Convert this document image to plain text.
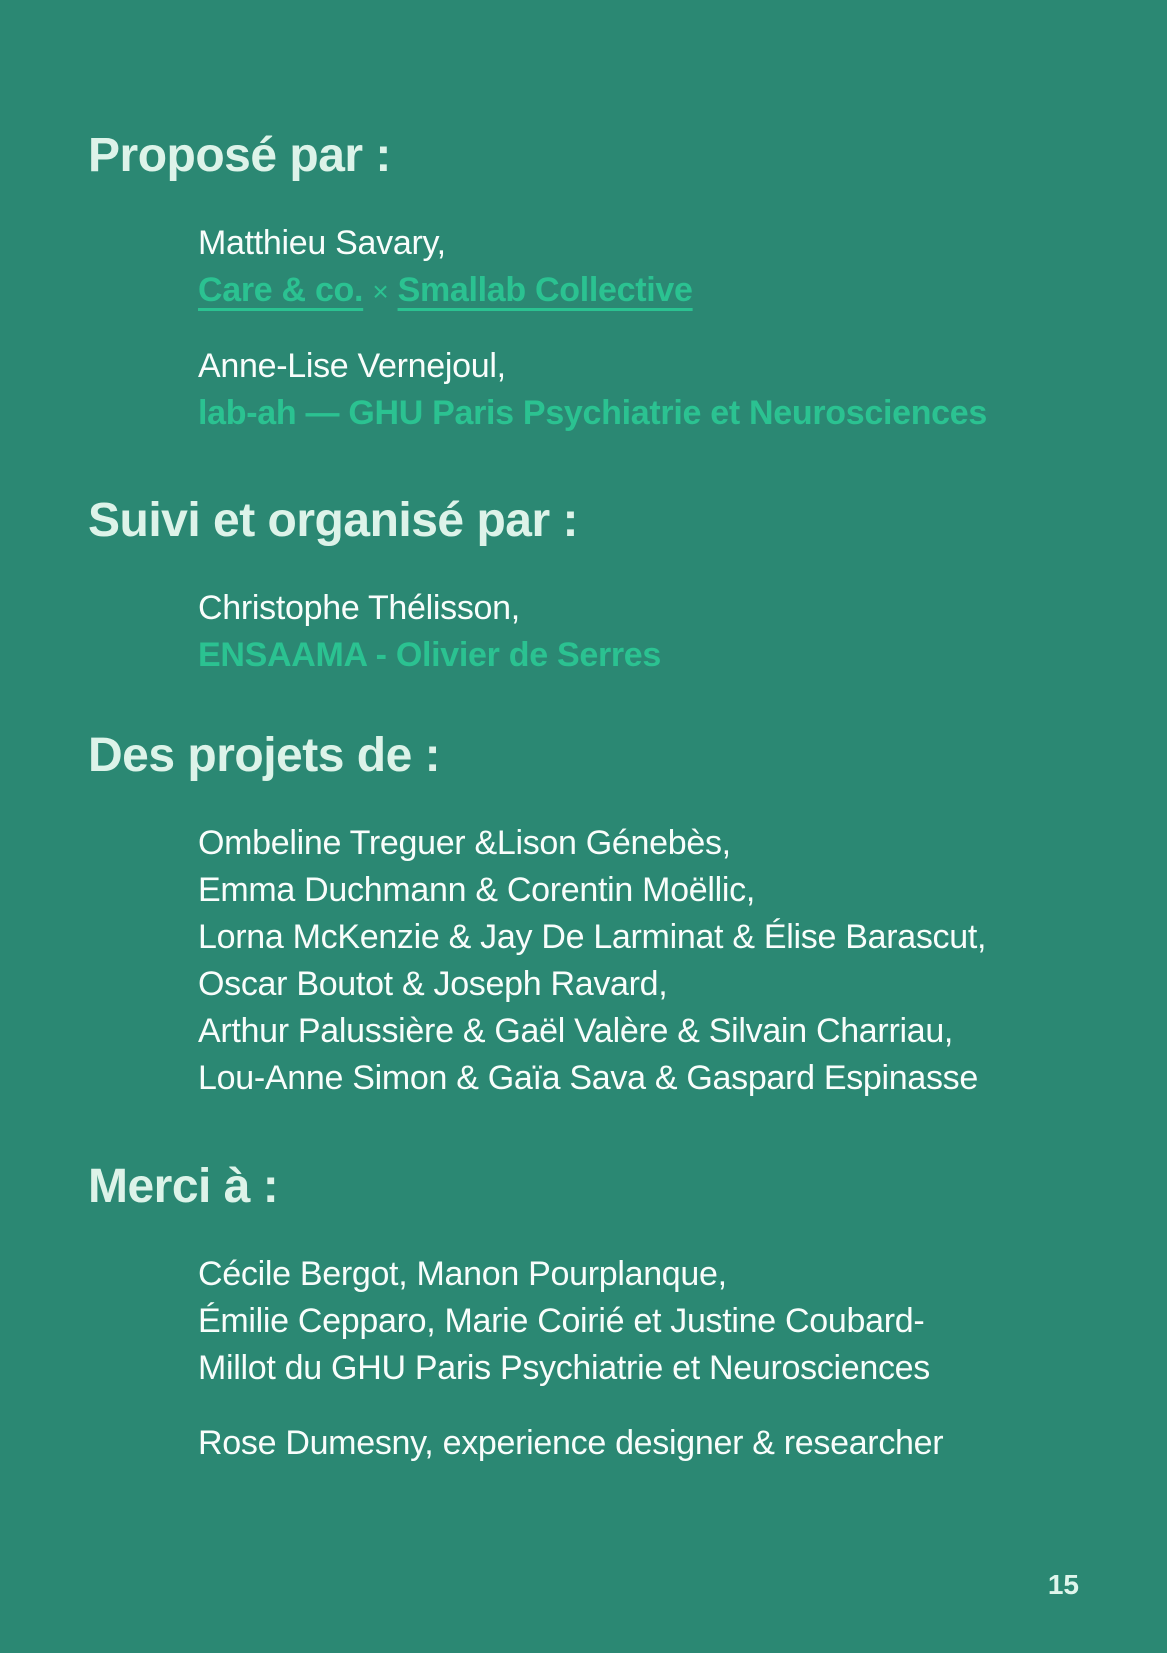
Proposé par :
Matthieu Savary,
Care & co. × Smallab Collective
Anne-Lise Vernejoul,
lab-ah — GHU Paris Psychiatrie et Neurosciences
Suivi et organisé par :
Christophe Thélisson,
ENSAAMA - Olivier de Serres
Des projets de :
Ombeline Treguer &Lison Génebès,
Emma Duchmann & Corentin Moëllic,
Lorna McKenzie & Jay De Larminat & Élise Barascut,
Oscar Boutot & Joseph Ravard,
Arthur Palussière & Gaël Valère & Silvain Charriau,
Lou-Anne Simon & Gaïa Sava & Gaspard Espinasse
Merci à :
Cécile Bergot, Manon Pourplanque,
Émilie Cepparo, Marie Coirié et Justine Coubard-
Millot du GHU Paris Psychiatrie et Neurosciences
Rose Dumesny, experience designer & researcher
15
